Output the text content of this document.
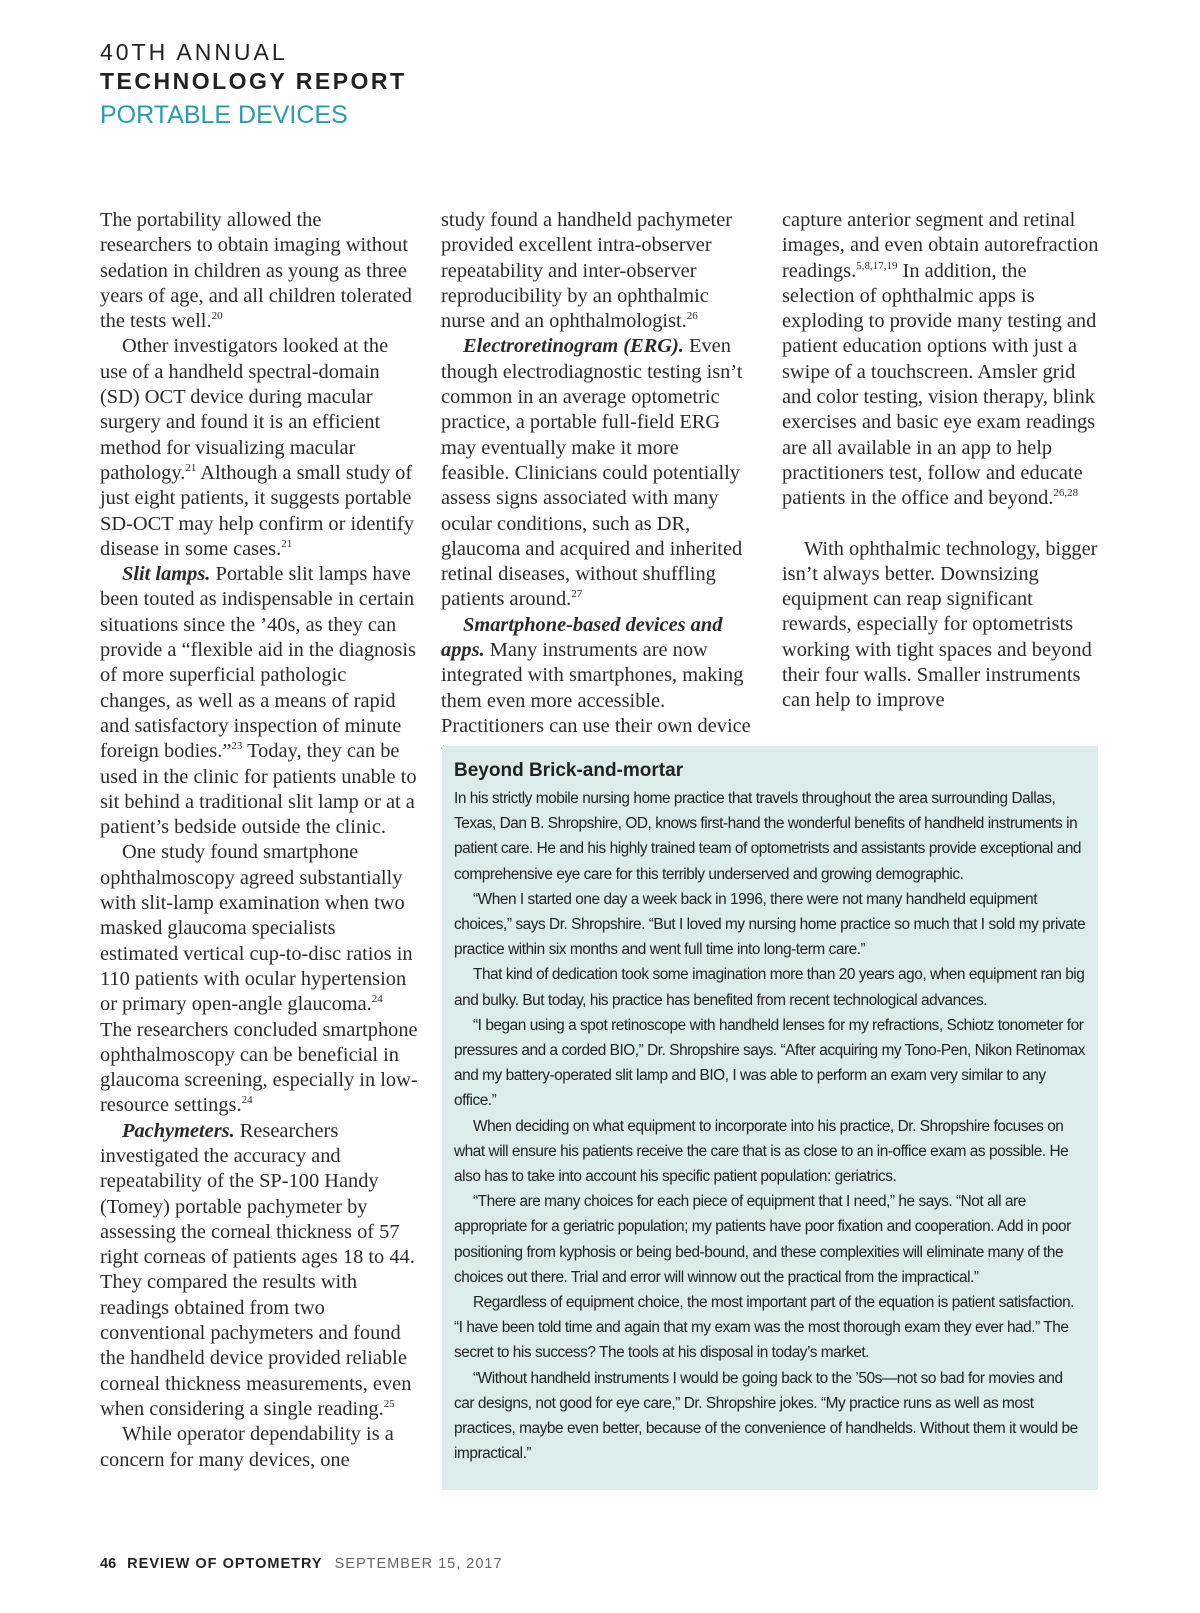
40TH ANNUAL
TECHNOLOGY REPORT
PORTABLE DEVICES

The portability allowed the researchers to obtain imaging without sedation in children as young as three years of age, and all children tolerated the tests well.$^{20}$

Other investigators looked at the use of a handheld spectral-domain (SD) OCT device during macular surgery and found it is an efficient method for visualizing macular pathology.$^{21}$ Although a small study of just eight patients, it suggests portable SD-OCT may help confirm or identify disease in some cases.$^{21}$

Slit lamps. Portable slit lamps have been touted as indispensable in certain situations since the ’40s, as they can provide a “flexible aid in the diagnosis of more superficial pathologic changes, as well as a means of rapid and satisfactory inspection of minute foreign bodies.”$^{23}$ Today, they can be used in the clinic for patients unable to sit behind a traditional slit lamp or at a patient’s bedside outside the clinic.

One study found smartphone ophthalmoscopy agreed substantially with slit-lamp examination when two masked glaucoma specialists estimated vertical cup-to-disc ratios in 110 patients with ocular hypertension or primary open-angle glaucoma.$^{24}$ The researchers concluded smartphone ophthalmoscopy can be beneficial in glaucoma screening, especially in low-resource settings.$^{24}$

Pachymeters. Researchers investigated the accuracy and repeatability of the SP-100 Handy (Tomey) portable pachymeter by assessing the corneal thickness of 57 right corneas of patients ages 18 to 44. They compared the results with readings obtained from two conventional pachymeters and found the handheld device provided reliable corneal thickness measurements, even when considering a single reading.$^{25}$

While operator dependability is a concern for many devices, one

study found a handheld pachymeter provided excellent intra-observer repeatability and inter-observer reproducibility by an ophthalmic nurse and an ophthalmologist.$^{26}$

Electroretinogram (ERG). Even though electrodiagnostic testing isn’t common in an average optometric practice, a portable full-field ERG may eventually make it more feasible. Clinicians could potentially assess signs associated with many ocular conditions, such as DR, glaucoma and acquired and inherited retinal diseases, without shuffling patients around.$^{27}$

Smartphone-based devices and apps. Many instruments are now integrated with smartphones, making them even more accessible. Practitioners can use their own device

capture anterior segment and retinal images, and even obtain autorefraction readings.$^{5,8,17,19}$ In addition, the selection of ophthalmic apps is exploding to provide many testing and patient education options with just a swipe of a touchscreen. Amsler grid and color testing, vision therapy, blink exercises and basic eye exam readings are all available in an app to help practitioners test, follow and educate patients in the office and beyond.$^{26,28}$

With ophthalmic technology, bigger isn’t always better. Downsizing equipment can reap significant rewards, especially for optometrists working with tight spaces and beyond their four walls. Smaller instruments can help to improve

Beyond Brick-and-mortar

In his strictly mobile nursing home practice that travels throughout the area surrounding Dallas, Texas, Dan B. Shropshire, OD, knows first-hand the wonderful benefits of handheld instruments in patient care. He and his highly trained team of optometrists and assistants provide exceptional and comprehensive eye care for this terribly underserved and growing demographic.

“When I started one day a week back in 1996, there were not many handheld equipment choices,” says Dr. Shropshire. “But I loved my nursing home practice so much that I sold my private practice within six months and went full time into long-term care.”

That kind of dedication took some imagination more than 20 years ago, when equipment ran big and bulky. But today, his practice has benefited from recent technological advances.

“I began using a spot retinoscope with handheld lenses for my refractions, Schiotz tonometer for pressures and a corded BIO,” Dr. Shropshire says. “After acquiring my Tono-Pen, Nikon Retinomax and my battery-operated slit lamp and BIO, I was able to perform an exam very similar to any office.”

When deciding on what equipment to incorporate into his practice, Dr. Shropshire focuses on what will ensure his patients receive the care that is as close to an in-office exam as possible. He also has to take into account his specific patient population: geriatrics.

“There are many choices for each piece of equipment that I need,” he says. “Not all are appropriate for a geriatric population; my patients have poor fixation and cooperation. Add in poor positioning from kyphosis or being bed-bound, and these complexities will eliminate many of the choices out there. Trial and error will winnow out the practical from the impractical.”

Regardless of equipment choice, the most important part of the equation is patient satisfaction. “I have been told time and again that my exam was the most thorough exam they ever had.” The secret to his success? The tools at his disposal in today’s market.

“Without handheld instruments I would be going back to the ’50s—not so bad for movies and car designs, not good for eye care,” Dr. Shropshire jokes. “My practice runs as well as most practices, maybe even better, because of the convenience of handhelds. Without them it would be impractical.”

46 REVIEW OF OPTOMETRY SEPTEMBER 15, 2017
